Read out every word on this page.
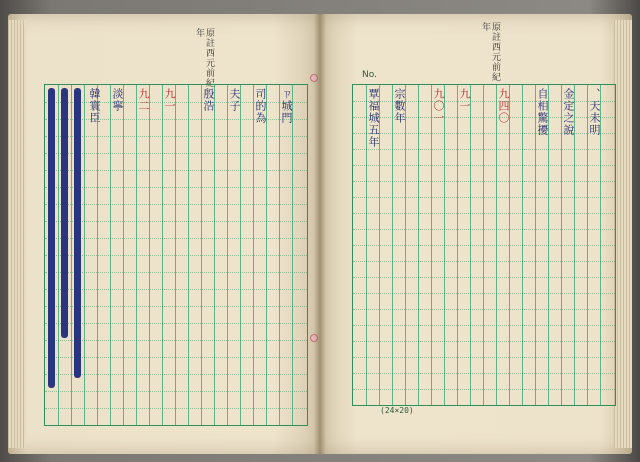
原註西元前紀年
ㄗ城門
司的為
夫子
殷浩
九一
九二
淡寧
韓寰臣
No.	原註西元前紀年
、天未明
金定之說
自相驚擾
九四〇
九一
九〇一
宗數年
覃福城五年
(24×20)
